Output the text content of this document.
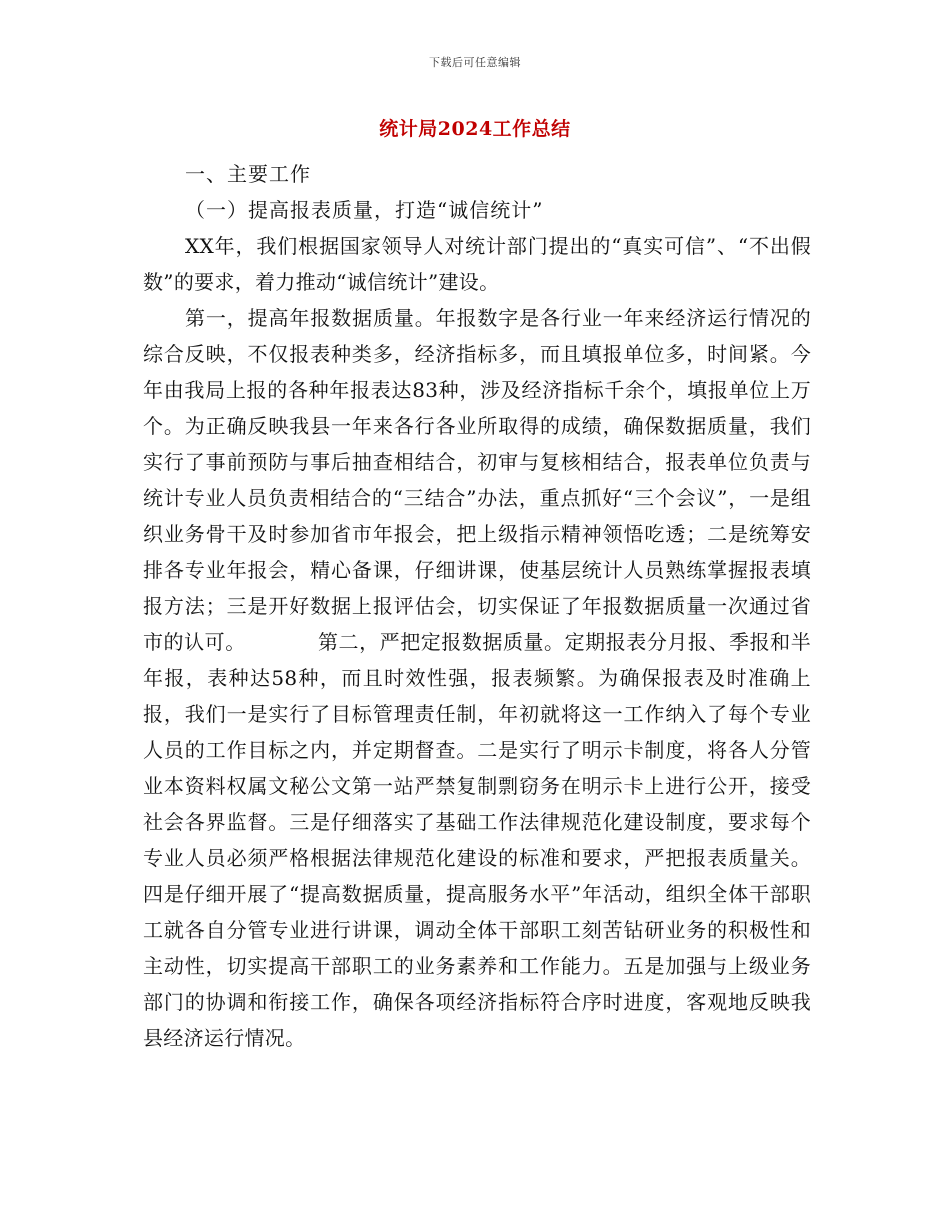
下载后可任意编辑
统计局2024工作总结
一、主要工作
（一）提高报表质量，打造“诚信统计”

XX年，我们根据国家领导人对统计部门提出的“真实可信”、“不出假数”的要求，着力推动“诚信统计”建设。

第一，提高年报数据质量。年报数字是各行业一年来经济运行情况的综合反映，不仅报表种类多，经济指标多，而且填报单位多，时间紧。今年由我局上报的各种年报表达83种，涉及经济指标千余个，填报单位上万个。为正确反映我县一年来各行各业所取得的成绩，确保数据质量，我们实行了事前预防与事后抽查相结合，初审与复核相结合，报表单位负责与统计专业人员负责相结合的“三结合”办法，重点抓好“三个会议”，一是组织业务骨干及时参加省市年报会，把上级指示精神领悟吃透；二是统筹安排各专业年报会，精心备课，仔细讲课，使基层统计人员熟练掌握报表填报方法；三是开好数据上报评估会，切实保证了年报数据质量一次通过省市的认可。　　　　第二，严把定报数据质量。定期报表分月报、季报和半年报，表种达58种，而且时效性强，报表频繁。为确保报表及时准确上报，我们一是实行了目标管理责任制，年初就将这一工作纳入了每个专业人员的工作目标之内，并定期督查。二是实行了明示卡制度，将各人分管业本资料权属文秘公文第一站严禁复制剽窃务在明示卡上进行公开，接受社会各界监督。三是仔细落实了基础工作法律规范化建设制度，要求每个专业人员必须严格根据法律规范化建设的标准和要求，严把报表质量关。四是仔细开展了“提高数据质量，提高服务水平”年活动，组织全体干部职工就各自分管专业进行讲课，调动全体干部职工刻苦钻研业务的积极性和主动性，切实提高干部职工的业务素养和工作能力。五是加强与上级业务部门的协调和衔接工作，确保各项经济指标符合序时进度，客观地反映我县经济运行情况。
